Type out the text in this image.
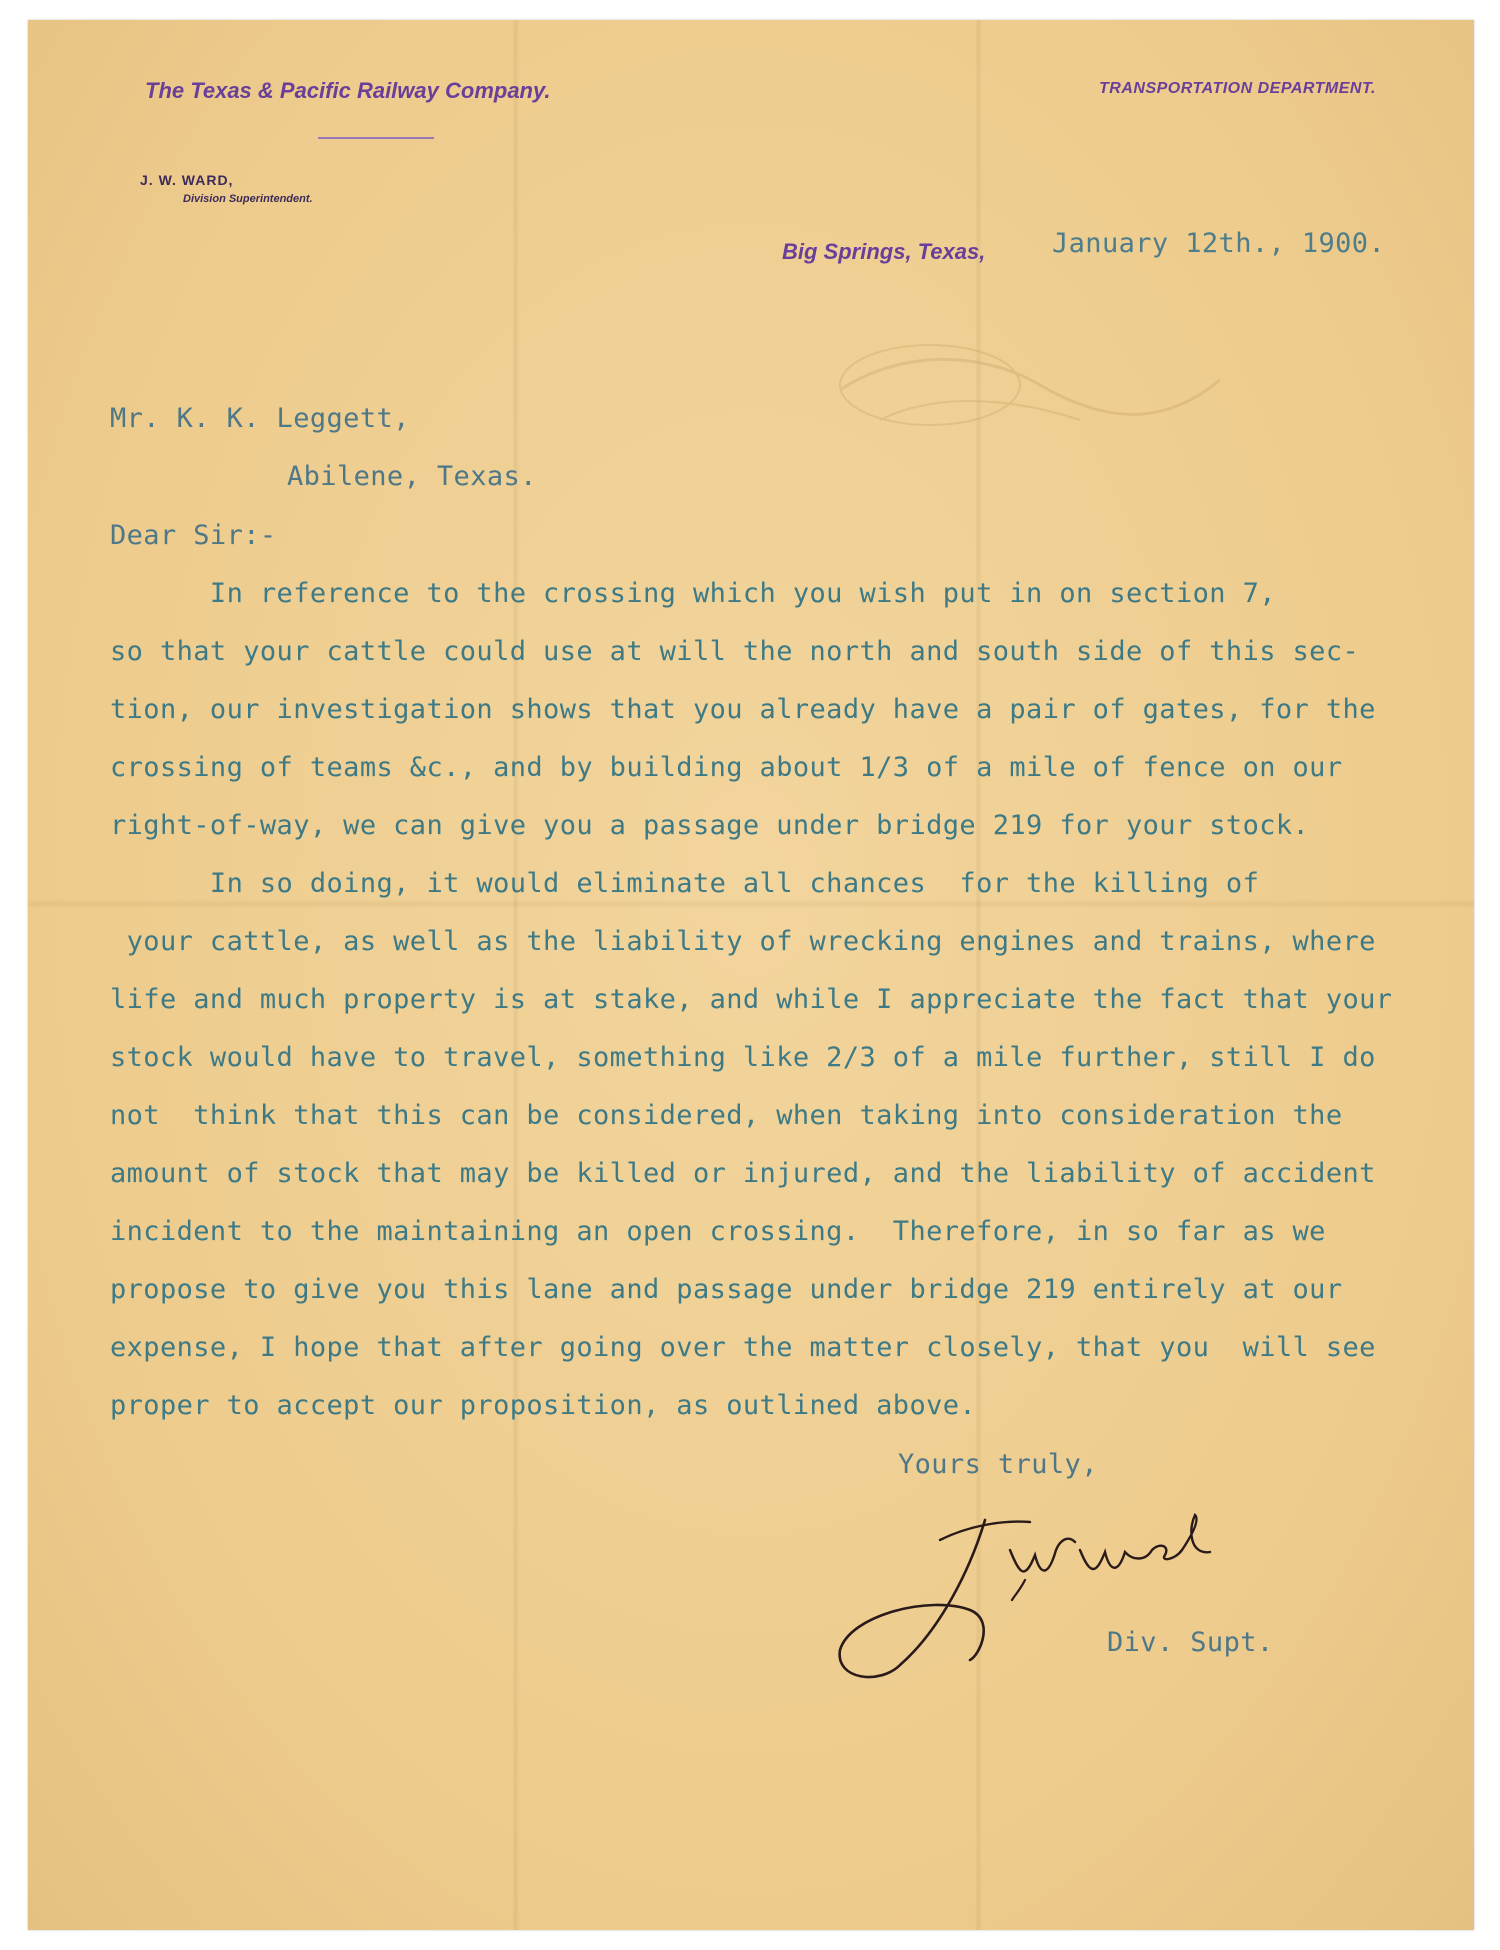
The Texas & Pacific Railway Company.	TRANSPORTATION DEPARTMENT.
J. W. WARD,
Division Superintendent.
Big Springs, Texas, January 12th., 1900.
Mr. K. K. Leggett,
Abilene, Texas.
Dear Sir:-
In reference to the crossing which you wish put in on section 7,
so that your cattle could use at will the north and south side of this sec-
tion, our investigation shows that you already have a pair of gates, for the
crossing of teams &c., and by building about 1/3 of a mile of fence on our
right-of-way, we can give you a passage under bridge 219 for your stock.
In so doing, it would eliminate all chances  for the killing of
your cattle, as well as the liability of wrecking engines and trains, where
life and much property is at stake, and while I appreciate the fact that your
stock would have to travel, something like 2/3 of a mile further, still I do
not  think that this can be considered, when taking into consideration the
amount of stock that may be killed or injured, and the liability of accident
incident to the maintaining an open crossing.  Therefore, in so far as we
propose to give you this lane and passage under bridge 219 entirely at our
expense, I hope that after going over the matter closely, that you  will see
proper to accept our proposition, as outlined above.
Yours truly,
Div. Supt.
